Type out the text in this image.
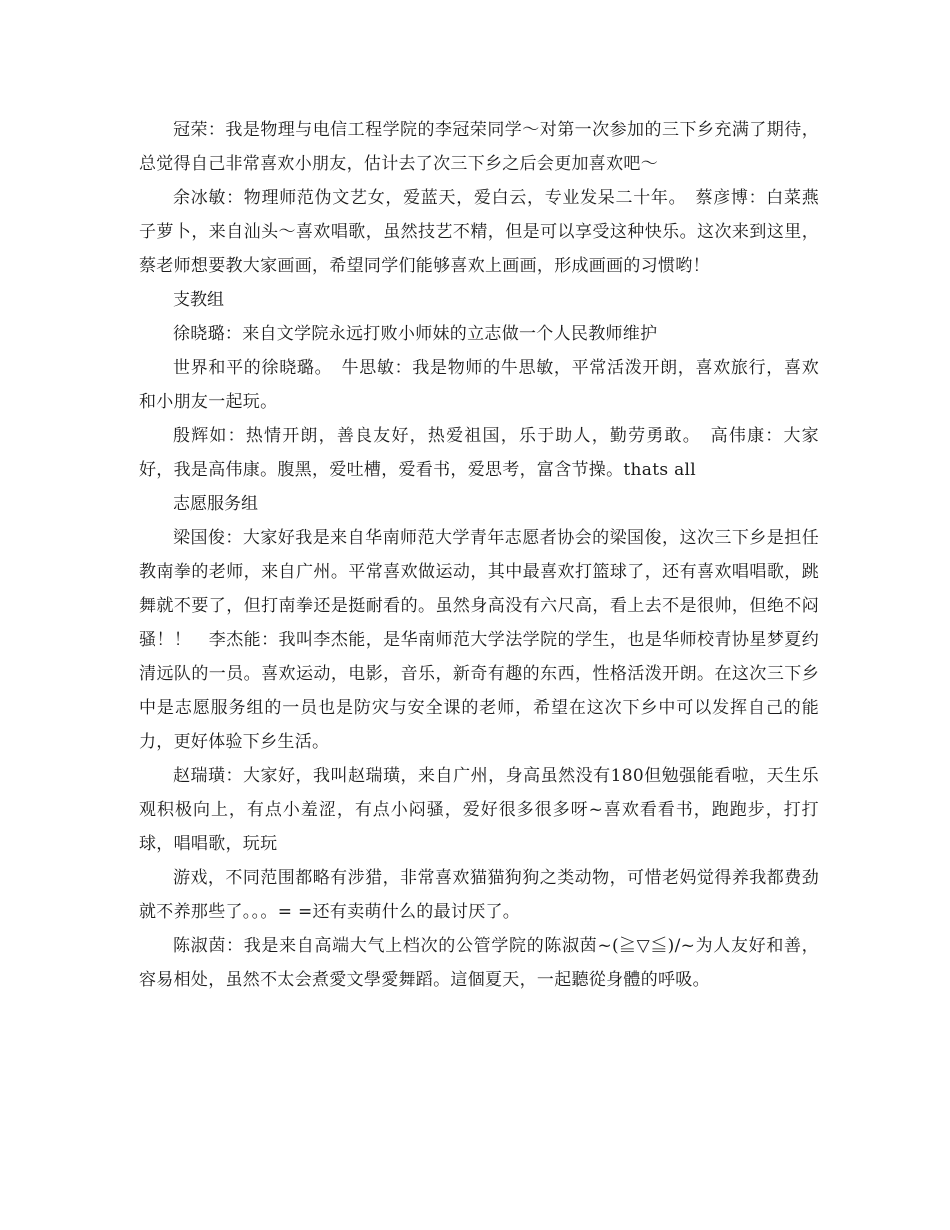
冠荣：我是物理与电信工程学院的李冠荣同学～对第一次参加的三下乡充满了期待，总觉得自己非常喜欢小朋友，估计去了次三下乡之后会更加喜欢吧～

余冰敏：物理师范伪文艺女，爱蓝天，爱白云，专业发呆二十年。　蔡彦博：白菜燕子萝卜，来自汕头～喜欢唱歌，虽然技艺不精，但是可以享受这种快乐。这次来到这里，蔡老师想要教大家画画，希望同学们能够喜欢上画画，形成画画的习惯哟！

支教组

徐晓璐：来自文学院永远打败小师妹的立志做一个人民教师维护

世界和平的徐晓璐。　牛思敏：我是物师的牛思敏，平常活泼开朗，喜欢旅行，喜欢和小朋友一起玩。

殷辉如：热情开朗，善良友好，热爱祖国，乐于助人，勤劳勇敢。　高伟康：大家好，我是高伟康。腹黑，爱吐槽，爱看书，爱思考，富含节操。thats all

志愿服务组

梁国俊：大家好我是来自华南师范大学青年志愿者协会的梁国俊，这次三下乡是担任教南拳的老师，来自广州。平常喜欢做运动，其中最喜欢打篮球了，还有喜欢唱唱歌，跳舞就不要了，但打南拳还是挺耐看的。虽然身高没有六尺高，看上去不是很帅，但绝不闷骚！！　李杰能：我叫李杰能，是华南师范大学法学院的学生，也是华师校青协星梦夏约清远队的一员。喜欢运动，电影，音乐，新奇有趣的东西，性格活泼开朗。在这次三下乡中是志愿服务组的一员也是防灾与安全课的老师，希望在这次下乡中可以发挥自己的能力，更好体验下乡生活。

赵瑞璜：大家好，我叫赵瑞璜，来自广州，身高虽然没有180但勉强能看啦，天生乐观积极向上，有点小羞涩，有点小闷骚，爱好很多很多呀~喜欢看看书，跑跑步，打打球，唱唱歌，玩玩

游戏，不同范围都略有涉猎，非常喜欢猫猫狗狗之类动物，可惜老妈觉得养我都费劲就不养那些了。。。= =还有卖萌什么的最讨厌了。

陈淑茵：我是来自高端大气上档次的公管学院的陈淑茵~(≧▽≦)/~为人友好和善，容易相处，虽然不太会煮愛文學愛舞蹈。這個夏天，一起聽從身體的呼吸。
